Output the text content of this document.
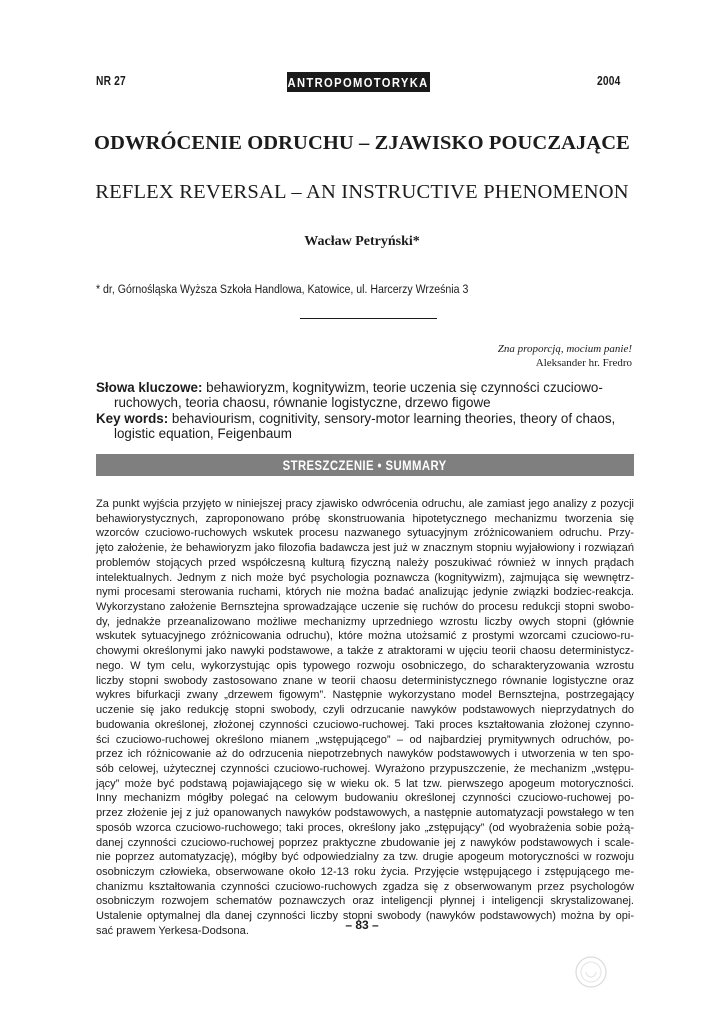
NR 27	ANTROPOMOTORYKA	2004
ODWRÓCENIE ODRUCHU – ZJAWISKO POUCZAJĄCE
REFLEX REVERSAL – AN INSTRUCTIVE PHENOMENON
Wacław Petryński*
* dr, Górnośląska Wyższa Szkoła Handlowa, Katowice, ul. Harcerzy Września 3
Zna proporcją, mocium panie!
Aleksander hr. Fredro
Słowa kluczowe: behawioryzm, kognitywizm, teorie uczenia się czynności czuciowo-
ruchowych, teoria chaosu, równanie logistyczne, drzewo figowe
Key words: behaviourism, cognitivity, sensory-motor learning theories, theory of chaos,
logistic equation, Feigenbaum
STRESZCZENIE • SUMMARY
Za punkt wyjścia przyjęto w niniejszej pracy zjawisko odwrócenia odruchu, ale zamiast jego analizy z pozycji
behawiorystycznych, zaproponowano próbę skonstruowania hipotetycznego mechanizmu tworzenia się
wzorców czuciowo-ruchowych wskutek procesu nazwanego sytuacyjnym zróżnicowaniem odruchu. Przy-
jęto założenie, że behawioryzm jako filozofia badawcza jest już w znacznym stopniu wyjałowiony i rozwiązań
problemów stojących przed współczesną kulturą fizyczną należy poszukiwać również w innych prądach
intelektualnych. Jednym z nich może być psychologia poznawcza (kognitywizm), zajmująca się wewnętrz-
nymi procesami sterowania ruchami, których nie można badać analizując jedynie związki bodziec-reakcja.
Wykorzystano założenie Bernsztejna sprowadzające uczenie się ruchów do procesu redukcji stopni swobo-
dy, jednakże przeanalizowano możliwe mechanizmy uprzedniego wzrostu liczby owych stopni (głównie
wskutek sytuacyjnego zróżnicowania odruchu), które można utożsamić z prostymi wzorcami czuciowo-ru-
chowymi określonymi jako nawyki podstawowe, a także z atraktorami w ujęciu teorii chaosu deterministycz-
nego. W tym celu, wykorzystując opis typowego rozwoju osobniczego, do scharakteryzowania wzrostu
liczby stopni swobody zastosowano znane w teorii chaosu deterministycznego równanie logistyczne oraz
wykres bifurkacji zwany „drzewem figowym”. Następnie wykorzystano model Bernsztejna, postrzegający
uczenie się jako redukcję stopni swobody, czyli odrzucanie nawyków podstawowych nieprzydatnych do
budowania określonej, złożonej czynności czuciowo-ruchowej. Taki proces kształtowania złożonej czynno-
ści czuciowo-ruchowej określono mianem „wstępującego” – od najbardziej prymitywnych odruchów, po-
przez ich różnicowanie aż do odrzucenia niepotrzebnych nawyków podstawowych i utworzenia w ten spo-
sób celowej, użytecznej czynności czuciowo-ruchowej. Wyrażono przypuszczenie, że mechanizm „wstępu-
jący” może być podstawą pojawiającego się w wieku ok. 5 lat tzw. pierwszego apogeum motoryczności.
Inny mechanizm mógłby polegać na celowym budowaniu określonej czynności czuciowo-ruchowej po-
przez złożenie jej z już opanowanych nawyków podstawowych, a następnie automatyzacji powstałego w ten
sposób wzorca czuciowo-ruchowego; taki proces, określony jako „zstępujący” (od wyobrażenia sobie pożą-
danej czynności czuciowo-ruchowej poprzez praktyczne zbudowanie jej z nawyków podstawowych i scale-
nie poprzez automatyzację), mógłby być odpowiedzialny za tzw. drugie apogeum motoryczności w rozwoju
osobniczym człowieka, obserwowane około 12-13 roku życia. Przyjęcie wstępującego i zstępującego me-
chanizmu kształtowania czynności czuciowo-ruchowych zgadza się z obserwowanym przez psychologów
osobniczym rozwojem schematów poznawczych oraz inteligencji płynnej i inteligencji skrystalizowanej.
Ustalenie optymalnej dla danej czynności liczby stopni swobody (nawyków podstawowych) można by opi-
sać prawem Yerkesa-Dodsona.	– 83 –
